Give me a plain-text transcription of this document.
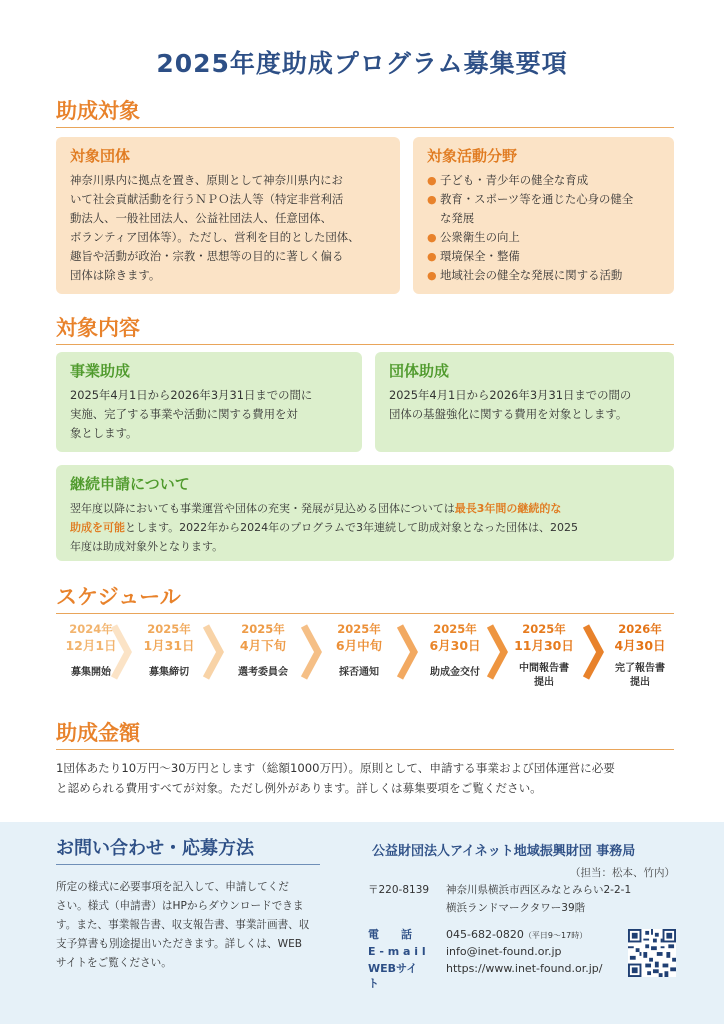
2025年度助成プログラム募集要項
助成対象
対象団体

神奈川県内に拠点を置き、原則として神奈川県内にお
いて社会貢献活動を行うＮＰＯ法人等（特定非営利活
動法人、一般社団法人、公益社団法人、任意団体、
ボランティア団体等）。ただし、営利を目的とした団体、
趣旨や活動が政治・宗教・思想等の目的に著しく偏る
団体は除きます。

対象活動分野
● 子ども・青少年の健全な育成
● 教育・スポーツ等を通じた心身の健全
な発展
● 公衆衛生の向上
● 環境保全・整備
● 地域社会の健全な発展に関する活動
対象内容
事業助成

2025年4月1日から2026年3月31日までの間に
実施、完了する事業や活動に関する費用を対
象とします。

団体助成

2025年4月1日から2026年3月31日までの間の
団体の基盤強化に関する費用を対象とします。

継続申請について

翌年度以降においても事業運営や団体の充実・発展が見込める団体については最長3年間の継続的な
助成を可能とします。2022年から2024年のプログラムで3年連続して助成対象となった団体は、2025
年度は助成対象外となります。

スケジュール
2024年
12月1日
募集開始
2025年
1月31日
募集締切
2025年
4月下旬
選考委員会
2025年
6月中旬
採否通知
2025年
6月30日
助成金交付
2025年
11月30日
中間報告書
提出
2026年
4月30日
完了報告書
提出
助成金額

1団体あたり10万円～30万円とします（総額1000万円）。原則として、申請する事業および団体運営に必要
と認められる費用すべてが対象。ただし例外があります。詳しくは募集要項をご覧ください。

お問い合わせ・応募方法

所定の様式に必要事項を記入して、申請してくだ
さい。様式（申請書）はHPからダウンロードできま
す。また、事業報告書、収支報告書、事業計画書、収
支予算書も別途提出いただきます。詳しくは、WEB
サイトをご覧ください。

公益財団法人アイネット地域振興財団 事務局
（担当：松本、竹内）
〒220-8139 神奈川県横浜市西区みなとみらい2-2-1
横浜ランドマークタワー39階
電　　話	045-682-0820（平日9～17時）
E - m a i l info@inet-found.or.jp
WEBサイト
https://www.inet-found.or.jp/
